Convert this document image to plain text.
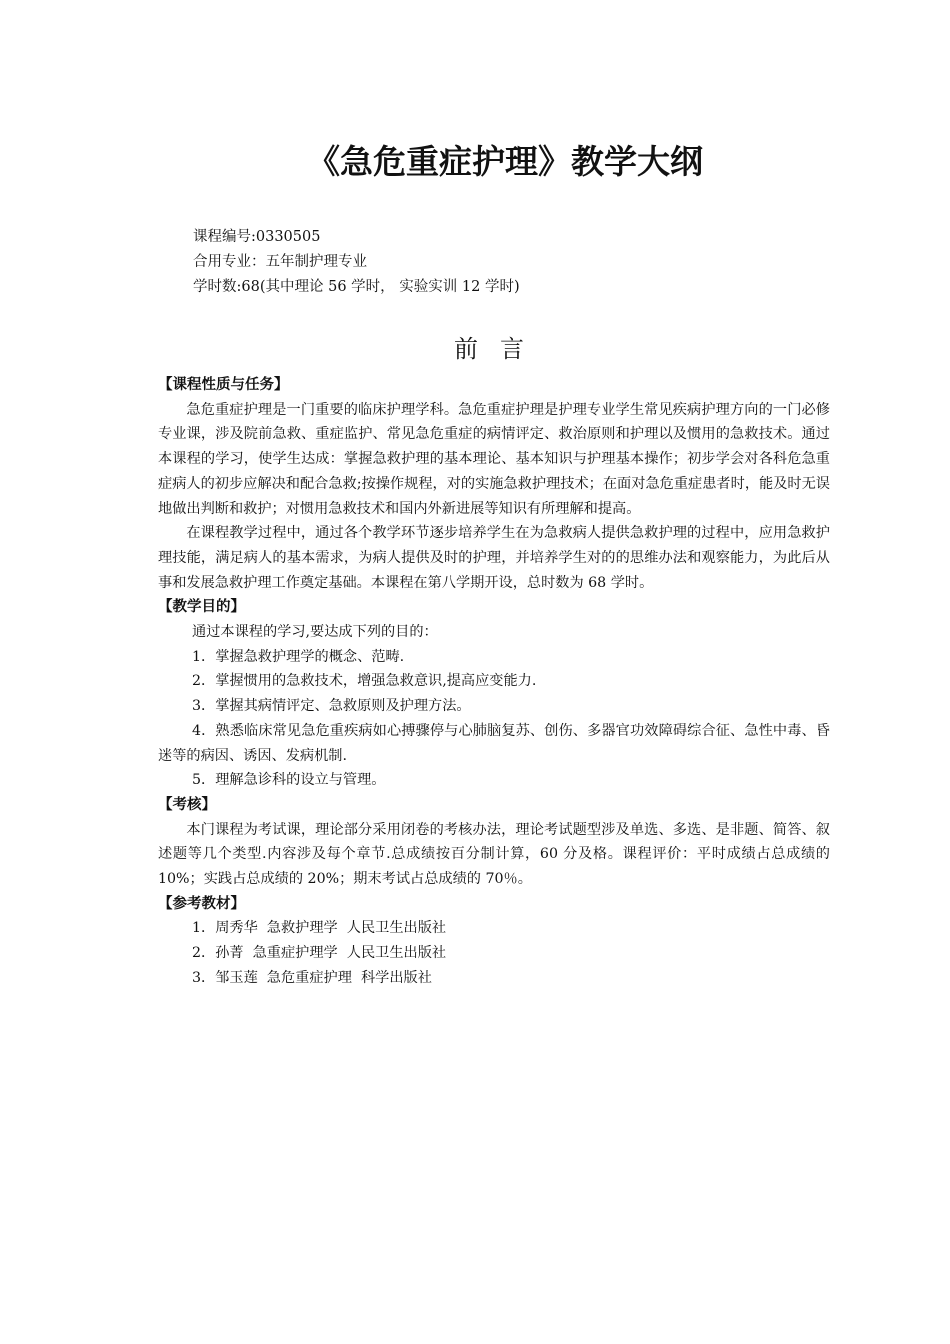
《急危重症护理》教学大纲
课程编号:0330505
合用专业：五年制护理专业
学时数:68(其中理论 56 学时， 实验实训 12 学时)
前言
【课程性质与任务】

急危重症护理是一门重要的临床护理学科。急危重症护理是护理专业学生常见疾病护理方向的一门必修专业课，涉及院前急救、重症监护、常见急危重症的病情评定、救治原则和护理以及惯用的急救技术。通过本课程的学习，使学生达成：掌握急救护理的基本理论、基本知识与护理基本操作；初步学会对各科危急重症病人的初步应解决和配合急救;按操作规程，对的实施急救护理技术；在面对急危重症患者时，能及时无误地做出判断和救护；对惯用急救技术和国内外新进展等知识有所理解和提高。

在课程教学过程中，通过各个教学环节逐步培养学生在为急救病人提供急救护理的过程中，应用急救护理技能，满足病人的基本需求，为病人提供及时的护理，并培养学生对的的思维办法和观察能力，为此后从事和发展急救护理工作奠定基础。本课程在第八学期开设，总时数为 68 学时。

【教学目的】

通过本课程的学习,要达成下列的目的：

1．掌握急救护理学的概念、范畴.

2．掌握惯用的急救技术，增强急救意识,提高应变能力.

3．掌握其病情评定、急救原则及护理方法。

4．熟悉临床常见急危重疾病如心搏骤停与心肺脑复苏、创伤、多器官功效障碍综合征、急性中毒、昏迷等的病因、诱因、发病机制.

5．理解急诊科的设立与管理。

【考核】

本门课程为考试课，理论部分采用闭卷的考核办法，理论考试题型涉及单选、多选、是非题、简答、叙述题等几个类型.内容涉及每个章节.总成绩按百分制计算，60 分及格。课程评价：平时成绩占总成绩的 10%；实践占总成绩的 20%；期末考试占总成绩的 70％。

【参考教材】

1．周秀华  急救护理学  人民卫生出版社

2．孙菁  急重症护理学  人民卫生出版社

3．邹玉莲  急危重症护理  科学出版社
